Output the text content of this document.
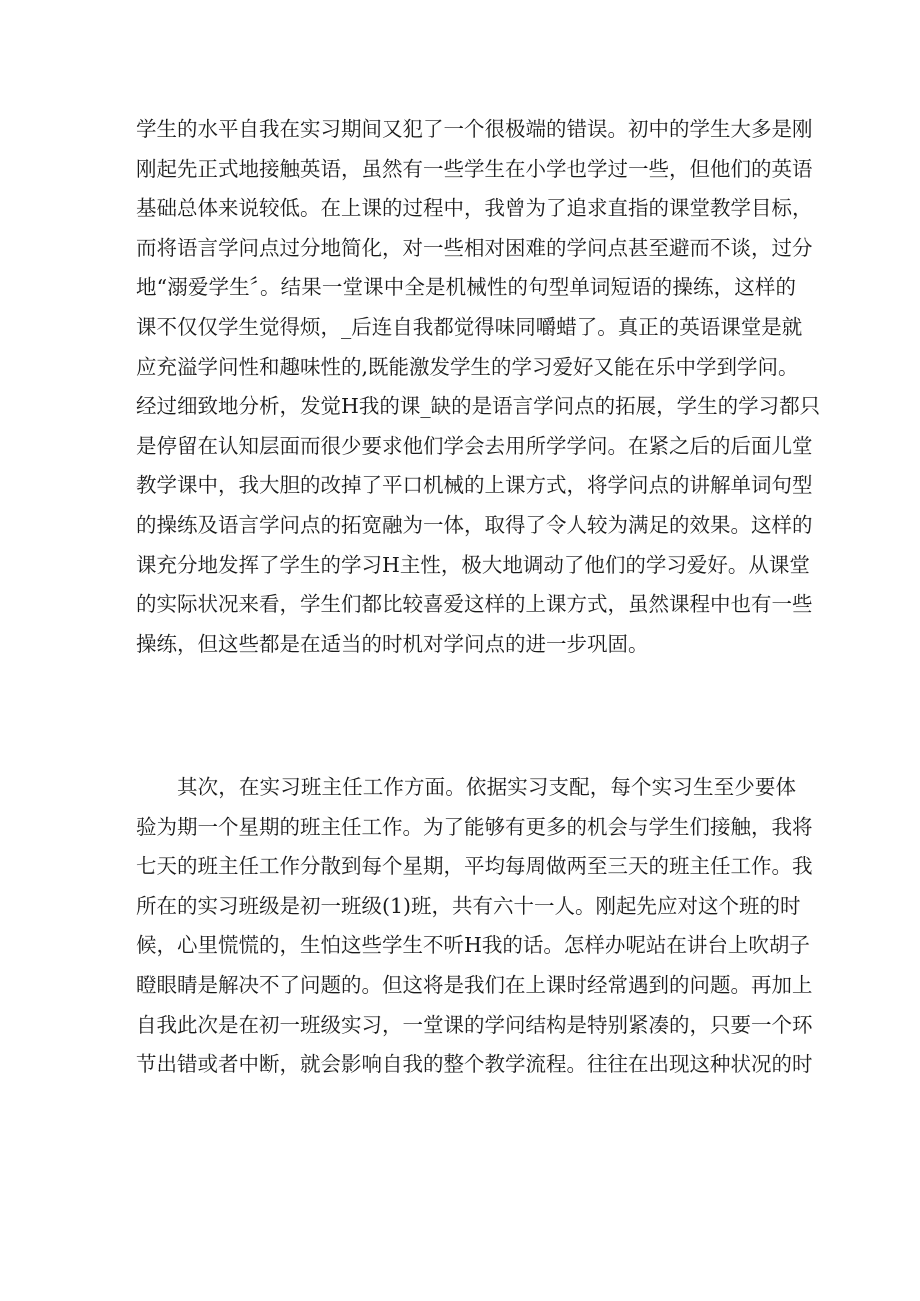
学生的水平自我在实习期间又犯了一个很极端的错误。初中的学生大多是刚
刚起先正式地接触英语，虽然有一些学生在小学也学过一些，但他们的英语
基础总体来说较低。在上课的过程中，我曾为了追求直指的课堂教学目标，
而将语言学问点过分地简化，对一些相对困难的学问点甚至避而不谈，过分
地“溺爱学生〞。结果一堂课中全是机械性的句型单词短语的操练，这样的
课不仅仅学生觉得烦，_后连自我都觉得味同嚼蜡了。真正的英语课堂是就
应充溢学问性和趣味性的,既能激发学生的学习爱好又能在乐中学到学问。
经过细致地分析，发觉H我的课_缺的是语言学问点的拓展，学生的学习都只
是停留在认知层面而很少要求他们学会去用所学学问。在紧之后的后面儿堂
教学课中，我大胆的改掉了平口机械的上课方式，将学问点的讲解单词句型
的操练及语言学问点的拓宽融为一体，取得了令人较为满足的效果。这样的
课充分地发挥了学生的学习H主性，极大地调动了他们的学习爱好。从课堂
的实际状况来看，学生们都比较喜爱这样的上课方式，虽然课程中也有一些
操练，但这些都是在适当的时机对学问点的进一步巩固。
其次，在实习班主任工作方面。依据实习支配，每个实习生至少要体
验为期一个星期的班主任工作。为了能够有更多的机会与学生们接触，我将
七天的班主任工作分散到每个星期，平均每周做两至三天的班主任工作。我
所在的实习班级是初一班级(1)班，共有六十一人。刚起先应对这个班的时
候，心里慌慌的，生怕这些学生不听H我的话。怎样办呢站在讲台上吹胡子
瞪眼睛是解决不了问题的。但这将是我们在上课时经常遇到的问题。再加上
自我此次是在初一班级实习，一堂课的学问结构是特别紧凑的，只要一个环
节出错或者中断，就会影响自我的整个教学流程。往往在出现这种状况的时
